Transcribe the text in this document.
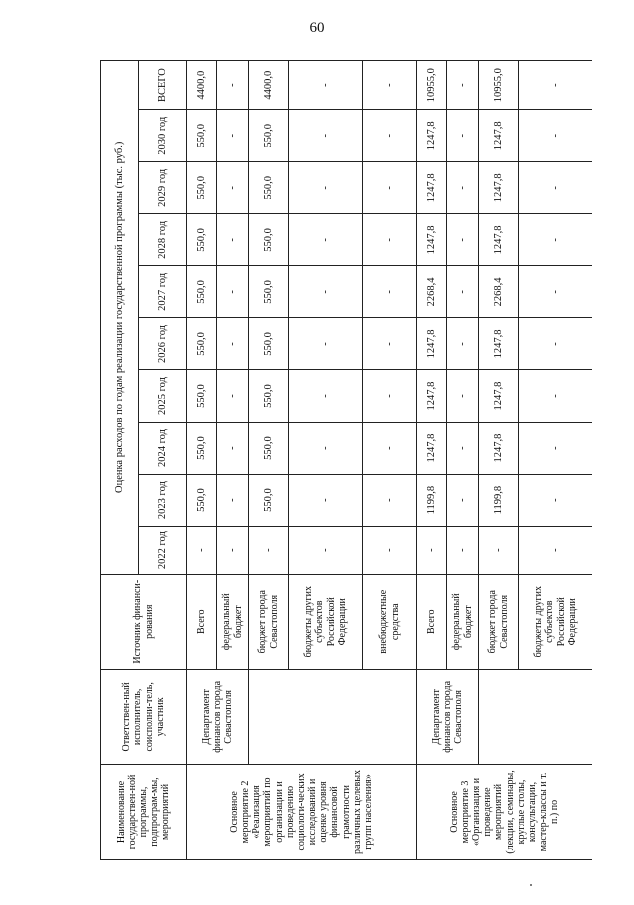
60
Наименование государствен-ной программы, подпрограм-мы, мероприятий	Ответствен-ный исполнитель, соисполни-тель, участник	Источник финанси-рования	Оценка расходов по годам реализации государственной программы (тыс. руб.)									
			2022 год	2023 год	2024 год	2025 год	2026 год	2027 год	2028 год	2029 год	2030 год	ВСЕГО
Основное мероприятие 2 «Реализация мероприятий по организации и проведению социологи-ческих исследований и оценке уровня финансовой грамотности различных целевых групп населения»	Департамент финансов города Севастополя	Всего	-	550,0	550,0	550,0	550,0	550,0	550,0	550,0	550,0	4400,0
		федеральный бюджет	-	-	-	-	-	-	-	-	-	-
		бюджет города Севастополя	-	550,0	550,0	550,0	550,0	550,0	550,0	550,0	550,0	4400,0
		бюджеты других субъектов Российской Федерации	-	-	-	-	-	-	-	-	-	-
		внебюджетные средства	-	-	-	-	-	-	-	-	-	-
Основное мероприятие 3 «Организация и проведение мероприятий (лекции, семинары, круглые столы, консультации, мастер-классы и т. п.) по	Департамент финансов города Севастополя	Всего	-	1199,8	1247,8	1247,8	1247,8	2268,4	1247,8	1247,8	1247,8	10955,0
		федеральный бюджет	-	-	-	-	-	-	-	-	-	-
		бюджет города Севастополя	-	1199,8	1247,8	1247,8	1247,8	2268,4	1247,8	1247,8	1247,8	10955,0
		бюджеты других субъектов Российской Федерации	-	-	-	-	-	-	-	-	-	-
